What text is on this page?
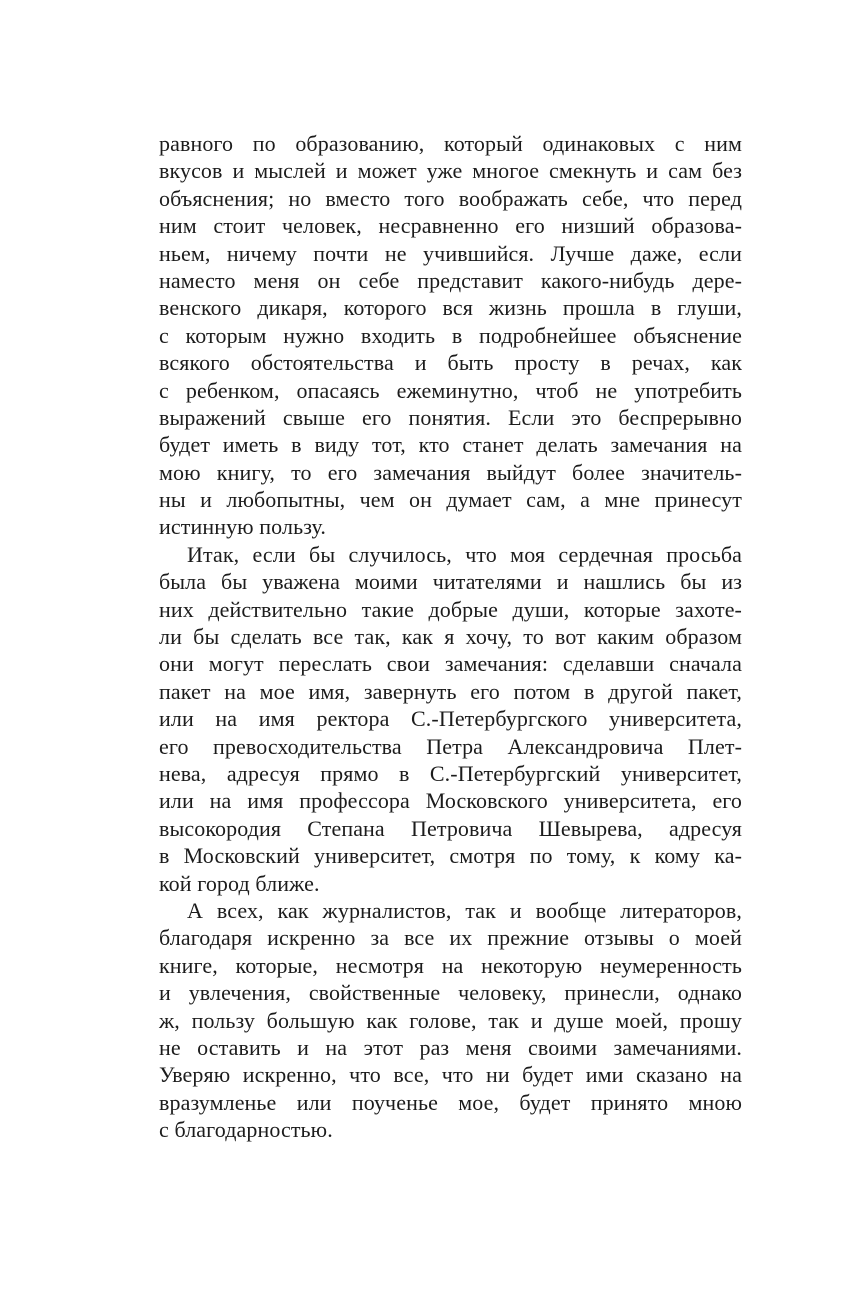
равного по образованию, который одинаковых с ним
вкусов и мыслей и может уже многое смекнуть и сам без
объяснения; но вместо того воображать себе, что перед
ним стоит человек, несравненно его низший образова-
ньем, ничему почти не учившийся. Лучше даже, если
наместо меня он себе представит какого-нибудь дере-
венского дикаря, которого вся жизнь прошла в глуши,
с которым нужно входить в подробнейшее объяснение
всякого обстоятельства и быть просту в речах, как
с ребенком, опасаясь ежеминутно, чтоб не употребить
выражений свыше его понятия. Если это беспрерывно
будет иметь в виду тот, кто станет делать замечания на
мою книгу, то его замечания выйдут более значитель-
ны и любопытны, чем он думает сам, а мне принесут
истинную пользу.
Итак, если бы случилось, что моя сердечная просьба
была бы уважена моими читателями и нашлись бы из
них действительно такие добрые души, которые захоте-
ли бы сделать все так, как я хочу, то вот каким образом
они могут переслать свои замечания: сделавши сначала
пакет на мое имя, завернуть его потом в другой пакет,
или на имя ректора С.-Петербургского университета,
его превосходительства Петра Александровича Плет-
нева, адресуя прямо в С.-Петербургский университет,
или на имя профессора Московского университета, его
высокородия Степана Петровича Шевырева, адресуя
в Московский университет, смотря по тому, к кому ка-
кой город ближе.
А всех, как журналистов, так и вообще литераторов,
благодаря искренно за все их прежние отзывы о моей
книге, которые, несмотря на некоторую неумеренность
и увлечения, свойственные человеку, принесли, однако
ж, пользу большую как голове, так и душе моей, прошу
не оставить и на этот раз меня своими замечаниями.
Уверяю искренно, что все, что ни будет ими сказано на
вразумленье или поученье мое, будет принято мною
с благодарностью.
